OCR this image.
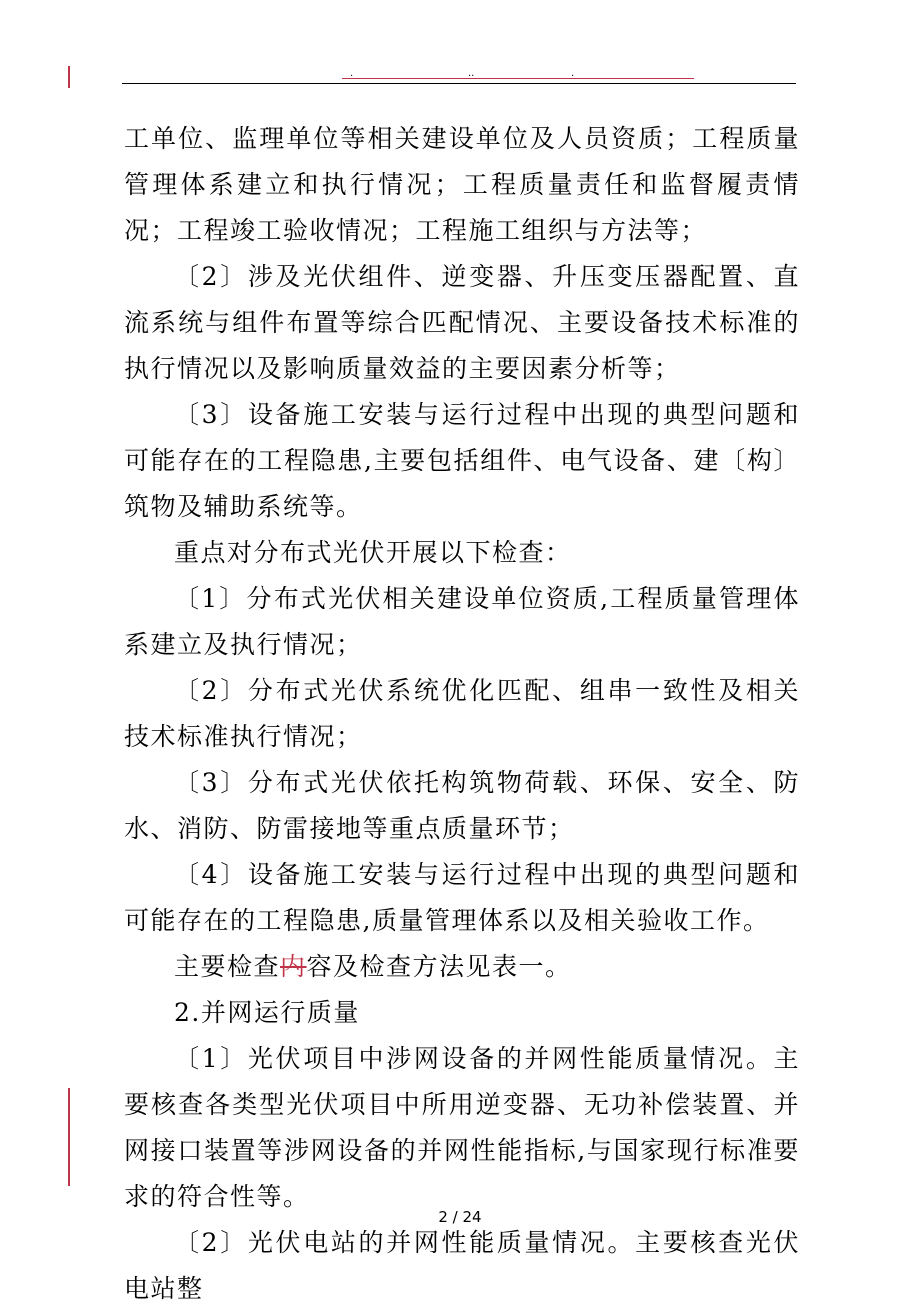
.	..	.

工单位、监理单位等相关建设单位及人员资质；工程质量管理体系建立和执行情况；工程质量责任和监督履责情况；工程竣工验收情况；工程施工组织与方法等；

〔2〕涉及光伏组件、逆变器、升压变压器配置、直流系统与组件布置等综合匹配情况、主要设备技术标准的执行情况以及影响质量效益的主要因素分析等；

〔3〕设备施工安装与运行过程中出现的典型问题和可能存在的工程隐患,主要包括组件、电气设备、建〔构〕筑物及辅助系统等。

重点对分布式光伏开展以下检查：

〔1〕分布式光伏相关建设单位资质,工程质量管理体系建立及执行情况；

〔2〕分布式光伏系统优化匹配、组串一致性及相关技术标准执行情况；

〔3〕分布式光伏依托构筑物荷载、环保、安全、防水、消防、防雷接地等重点质量环节；

〔4〕设备施工安装与运行过程中出现的典型问题和可能存在的工程隐患,质量管理体系以及相关验收工作。

主要检查内容及检查方法见表一。

2.并网运行质量

〔1〕光伏项目中涉网设备的并网性能质量情况。主要核查各类型光伏项目中所用逆变器、无功补偿装置、并网接口装置等涉网设备的并网性能指标,与国家现行标准要求的符合性等。

〔2〕光伏电站的并网性能质量情况。主要核查光伏电站整

2 / 24
